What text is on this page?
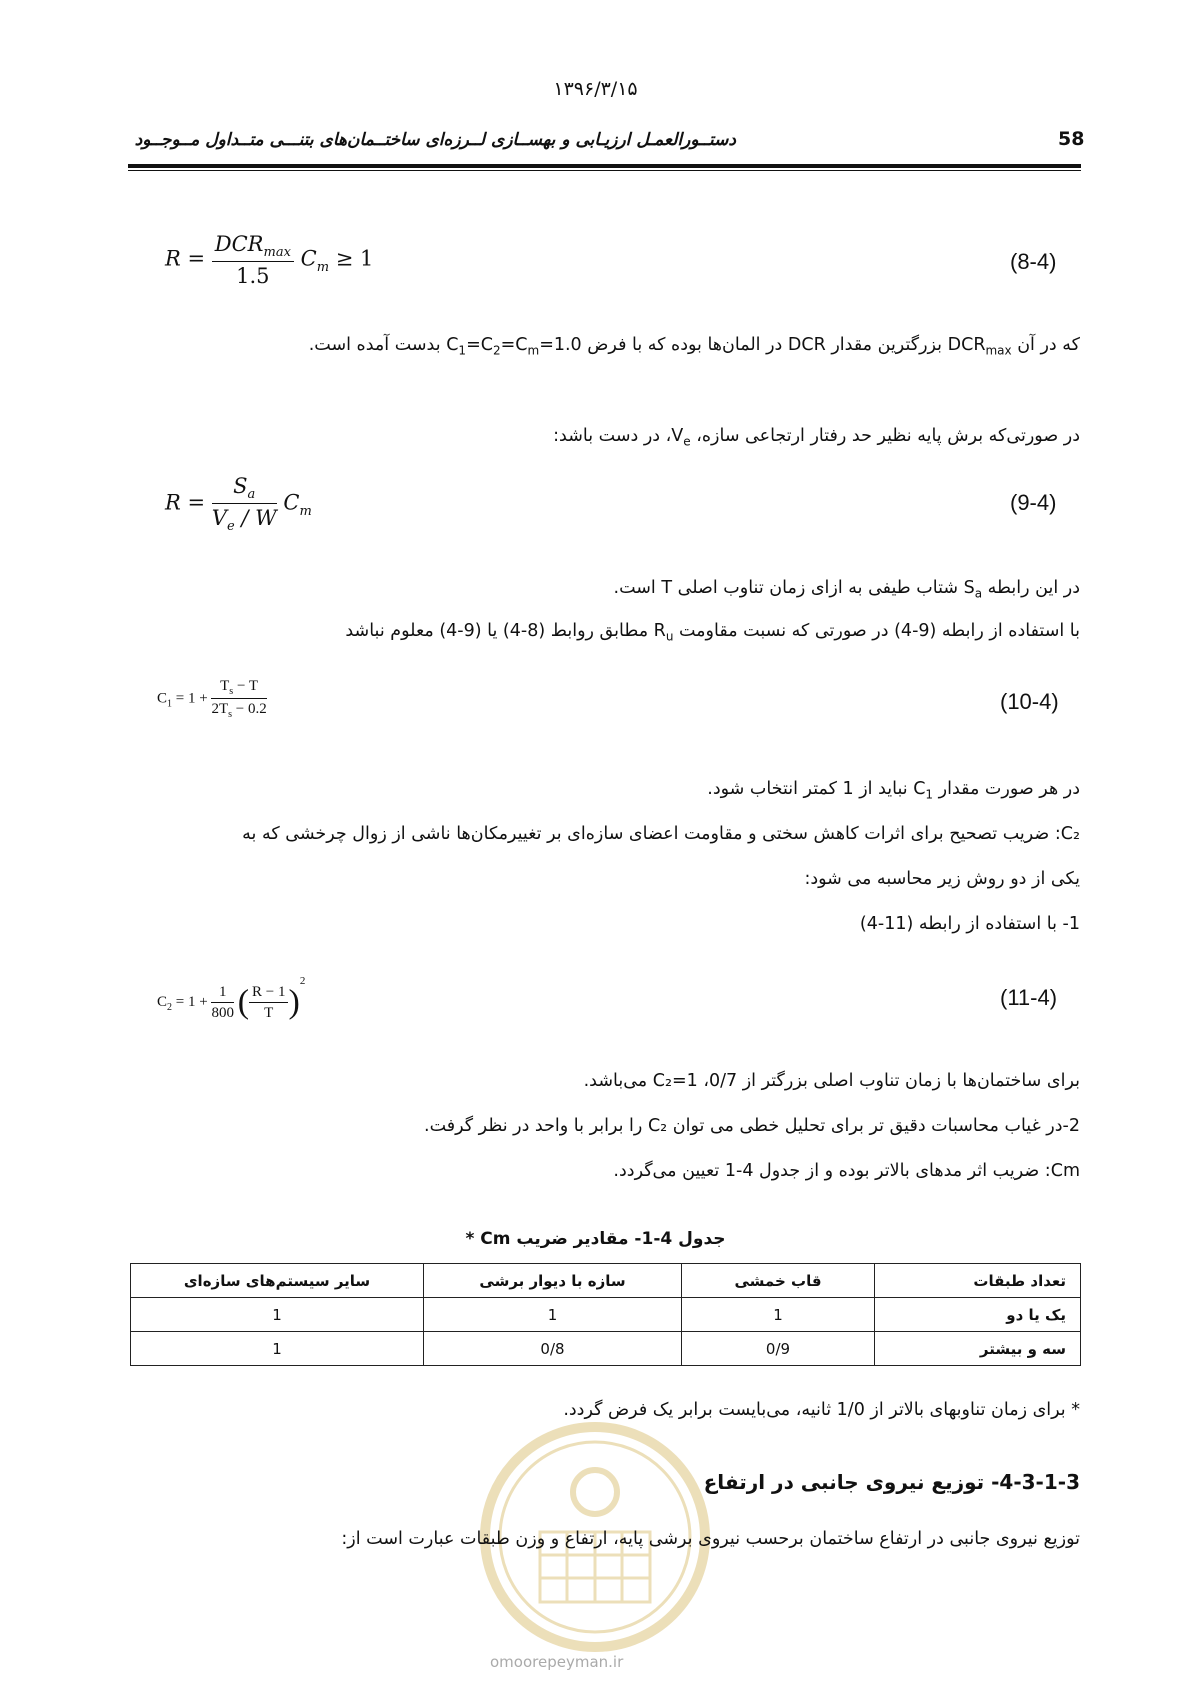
۱۳۹۶/۳/۱۵
58
دستــورالعمـل ارزیـابی و بهســازی لــرزه‌ای ساختــمان‌های بتنـــی متــداول مــوجــود
$R = \frac{DCR_{max}}{1.5} C_m \ge 1$	(8-4)
که در آن $DCR_{max}$ بزرگترین مقدار DCR در المان‌ها بوده که با فرض $C_1=C_2=C_m=1.0$ بدست آمده است.
در صورتی‌که برش پایه نظیر حد رفتار ارتجاعی سازه، $V_e،$ در دست باشد:
$R = \frac{S_a}{V_e / W} C_m$	(9-4)
در این رابطه $S_a$ شتاب طیفی به ازای زمان تناوب اصلی T است.
با استفاده از رابطه (9-4) در صورتی که نسبت مقاومت $R_u$ مطابق روابط (8-4) یا (9-4) معلوم نباشد
$C_1 = 1 + \frac{T_s - T}{2T_s - 0.2}$	(10-4)
در هر صورت مقدار $C_1$ نباید از 1 کمتر انتخاب شود.
C₂: ضریب تصحیح برای اثرات کاهش سختی و مقاومت اعضای سازه‌ای بر تغییرمکان‌ها ناشی از زوال چرخشی که به
یکی از دو روش زیر محاسبه می شود:
1- با استفاده از رابطه (11-4)
$C_2 = 1 + \frac{1}{800}$ ( $\frac{R - 1}{T} )^2$
(11-4)
برای ساختمان‌ها با زمان تناوب اصلی بزرگتر از 0/7، C₂=1 می‌باشد.
2-در غیاب محاسبات دقیق تر برای تحلیل خطی می توان C₂ را برابر با واحد در نظر گرفت.
Cm: ضریب اثر مدهای بالاتر بوده و از جدول 4-1 تعیین می‌گردد.
جدول 4-1- مقادیر ضریب Cm *
تعداد طبقات	قاب خمشی	سازه با دیوار برشی	سایر سیستم‌های سازه‌ای
یک یا دو	1	1	1
سه و بیشتر	0/9	0/8	1
* برای زمان تناوبهای بالاتر از 1/0 ثانیه، می‌بایست برابر یک فرض گردد.
omoorepeyman.ir
4-3-1-3- توزیع نیروی جانبی در ارتفاع
توزیع نیروی جانبی در ارتفاع ساختمان برحسب نیروی برشی پایه، ارتفاع و وزن طبقات عبارت است از:
